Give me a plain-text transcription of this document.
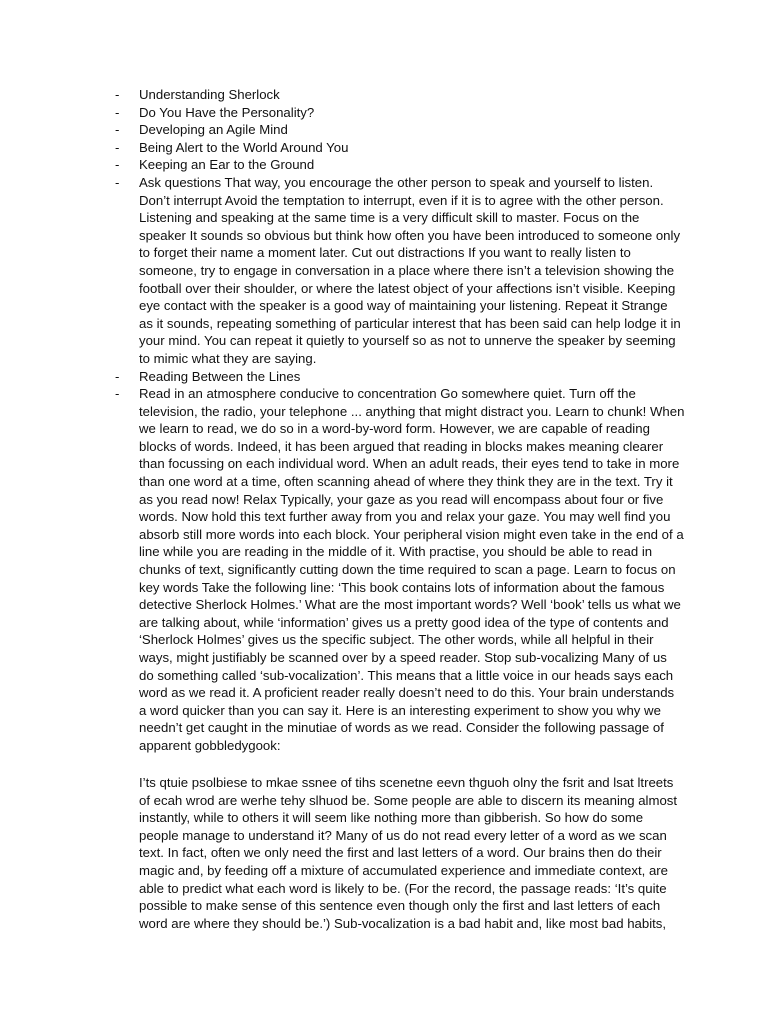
-	Understanding Sherlock
-	Do You Have the Personality?
-	Developing an Agile Mind
-	Being Alert to the World Around You
-	Keeping an Ear to the Ground
-	Ask questions That way, you encourage the other person to speak and yourself to listen. Don’t interrupt Avoid the temptation to interrupt, even if it is to agree with the other person. Listening and speaking at the same time is a very difficult skill to master. Focus on the speaker It sounds so obvious but think how often you have been introduced to someone only to forget their name a moment later. Cut out distractions If you want to really listen to someone, try to engage in conversation in a place where there isn’t a television showing the football over their shoulder, or where the latest object of your affections isn’t visible. Keeping eye contact with the speaker is a good way of maintaining your listening. Repeat it Strange as it sounds, repeating something of particular interest that has been said can help lodge it in your mind. You can repeat it quietly to yourself so as not to unnerve the speaker by seeming to mimic what they are saying.
-	Reading Between the Lines
-	Read in an atmosphere conducive to concentration Go somewhere quiet. Turn off the television, the radio, your telephone ... anything that might distract you. Learn to chunk! When we learn to read, we do so in a word-by-word form. However, we are capable of reading blocks of words. Indeed, it has been argued that reading in blocks makes meaning clearer than focussing on each individual word. When an adult reads, their eyes tend to take in more than one word at a time, often scanning ahead of where they think they are in the text. Try it as you read now! Relax Typically, your gaze as you read will encompass about four or five words. Now hold this text further away from you and relax your gaze. You may well find you absorb still more words into each block. Your peripheral vision might even take in the end of a line while you are reading in the middle of it. With practise, you should be able to read in chunks of text, significantly cutting down the time required to scan a page. Learn to focus on key words Take the following line: ‘This book contains lots of information about the famous detective Sherlock Holmes.’ What are the most important words? Well ‘book’ tells us what we are talking about, while ‘information’ gives us a pretty good idea of the type of contents and ‘Sherlock Holmes’ gives us the specific subject. The other words, while all helpful in their ways, might justifiably be scanned over by a speed reader. Stop sub-vocalizing Many of us do something called ‘sub-vocalization’. This means that a little voice in our heads says each word as we read it. A proficient reader really doesn’t need to do this. Your brain understands a word quicker than you can say it. Here is an interesting experiment to show you why we needn’t get caught in the minutiae of words as we read. Consider the following passage of apparent gobbledygook:

I’ts qtuie psolbiese to mkae ssnee of tihs scenetne eevn thguoh olny the fsrit and lsat ltreets of ecah wrod are werhe tehy slhuod be. Some people are able to discern its meaning almost instantly, while to others it will seem like nothing more than gibberish. So how do some people manage to understand it? Many of us do not read every letter of a word as we scan text. In fact, often we only need the first and last letters of a word. Our brains then do their magic and, by feeding off a mixture of accumulated experience and immediate context, are able to predict what each word is likely to be. (For the record, the passage reads: ‘It’s quite possible to make sense of this sentence even though only the first and last letters of each word are where they should be.’) Sub-vocalization is a bad habit and, like most bad habits,
